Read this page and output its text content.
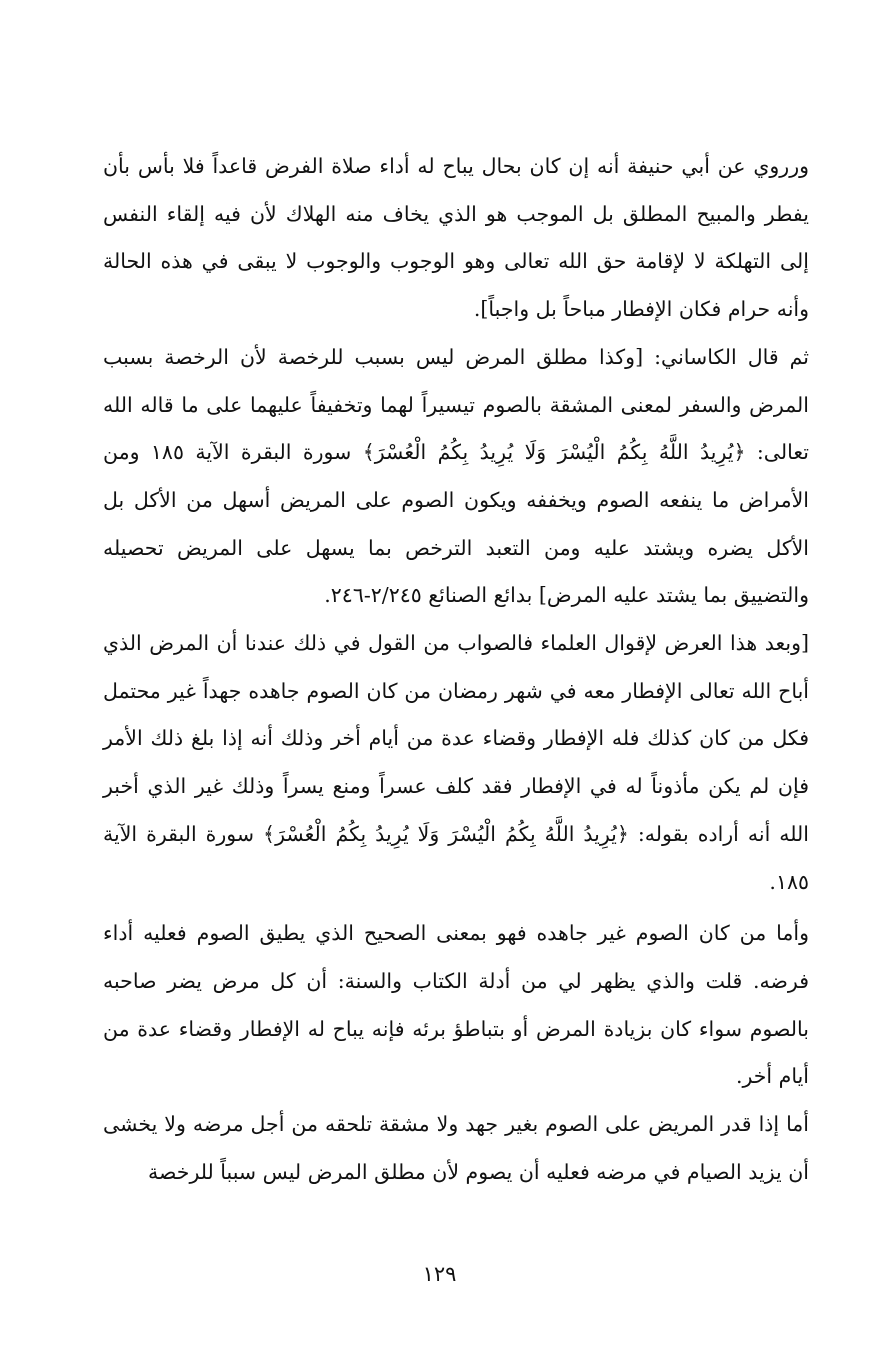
ورروي عن أبي حنيفة أنه إن كان بحال يباح له أداء صلاة الفرض قاعداً فلا بأس بأن يفطر والمبيح المطلق بل الموجب هو الذي يخاف منه الهلاك لأن فيه إلقاء النفس إلى التهلكة لا لإقامة حق الله تعالى وهو الوجوب والوجوب لا يبقى في هذه الحالة وأنه حرام فكان الإفطار مباحاً بل واجباً].

ثم قال الكاساني: [وكذا مطلق المرض ليس بسبب للرخصة لأن الرخصة بسبب المرض والسفر لمعنى المشقة بالصوم تيسيراً لهما وتخفيفاً عليهما على ما قاله الله تعالى: ﴿يُرِيدُ اللَّهُ بِكُمُ الْيُسْرَ وَلَا يُرِيدُ بِكُمُ الْعُسْرَ﴾ سورة البقرة الآية ١٨٥ ومن الأمراض ما ينفعه الصوم ويخففه ويكون الصوم على المريض أسهل من الأكل بل الأكل يضره ويشتد عليه ومن التعبد الترخص بما يسهل على المريض تحصيله والتضييق بما يشتد عليه المرض] بدائع الصنائع ٢/٢٤٥-٢٤٦.

[وبعد هذا العرض لإقوال العلماء فالصواب من القول في ذلك عندنا أن المرض الذي أباح الله تعالى الإفطار معه في شهر رمضان من كان الصوم جاهده جهداً غير محتمل فكل من كان كذلك فله الإفطار وقضاء عدة من أيام أخر وذلك أنه إذا بلغ ذلك الأمر فإن لم يكن مأذوناً له في الإفطار فقد كلف عسراً ومنع يسراً وذلك غير الذي أخبر الله أنه أراده بقوله: ﴿يُرِيدُ اللَّهُ بِكُمُ الْيُسْرَ وَلَا يُرِيدُ بِكُمُ الْعُسْرَ﴾ سورة البقرة الآية ١٨٥.

وأما من كان الصوم غير جاهده فهو بمعنى الصحيح الذي يطيق الصوم فعليه أداء فرضه. قلت والذي يظهر لي من أدلة الكتاب والسنة: أن كل مرض يضر صاحبه بالصوم سواء كان بزيادة المرض أو بتباطؤ برئه فإنه يباح له الإفطار وقضاء عدة من أيام أخر.

أما إذا قدر المريض على الصوم بغير جهد ولا مشقة تلحقه من أجل مرضه ولا يخشى أن يزيد الصيام في مرضه فعليه أن يصوم لأن مطلق المرض ليس سبباً للرخصة

١٢٩
